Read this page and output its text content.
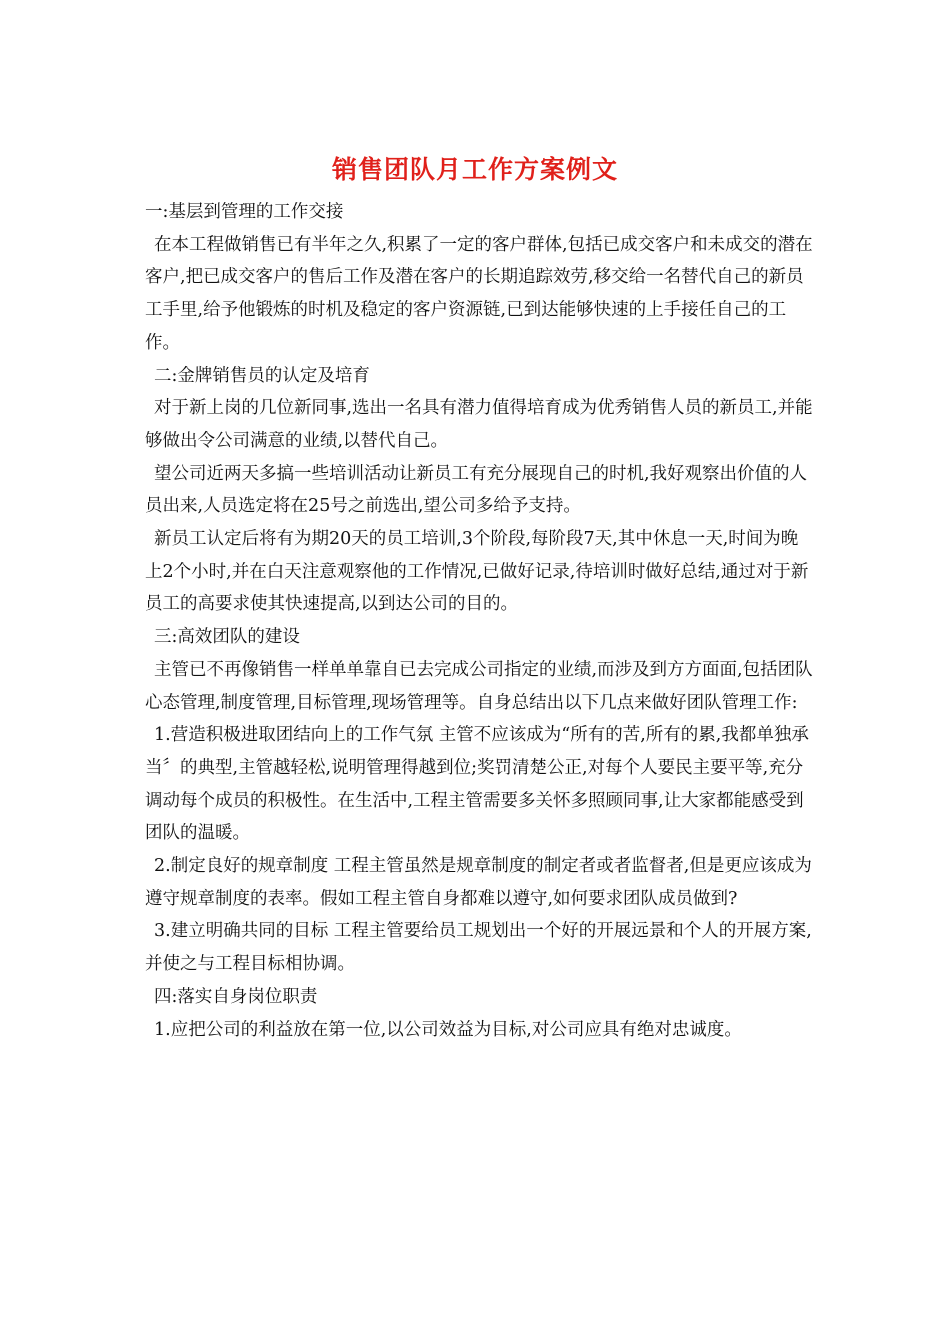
销售团队月工作方案例文

一:基层到管理的工作交接

在本工程做销售已有半年之久,积累了一定的客户群体,包括已成交客户和未成交的潜在客户,把已成交客户的售后工作及潜在客户的长期追踪效劳,移交给一名替代自己的新员工手里,给予他锻炼的时机及稳定的客户资源链,已到达能够快速的上手接任自己的工作。

二:金牌销售员的认定及培育

对于新上岗的几位新同事,选出一名具有潜力值得培育成为优秀销售人员的新员工,并能够做出令公司满意的业绩,以替代自己。

望公司近两天多搞一些培训活动让新员工有充分展现自己的时机,我好观察出价值的人员出来,人员选定将在25号之前选出,望公司多给予支持。

新员工认定后将有为期20天的员工培训,3个阶段,每阶段7天,其中休息一天,时间为晚上2个小时,并在白天注意观察他的工作情况,已做好记录,待培训时做好总结,通过对于新员工的高要求使其快速提高,以到达公司的目的。

三:高效团队的建设

主管已不再像销售一样单单靠自已去完成公司指定的业绩,而涉及到方方面面,包括团队心态管理,制度管理,目标管理,现场管理等。自身总结出以下几点来做好团队管理工作:

1.营造积极进取团结向上的工作气氛 主管不应该成为“所有的苦,所有的累,我都单独承当〞的典型,主管越轻松,说明管理得越到位;奖罚清楚公正,对每个人要民主要平等,充分调动每个成员的积极性。在生活中,工程主管需要多关怀多照顾同事,让大家都能感受到团队的温暖。

2.制定良好的规章制度 工程主管虽然是规章制度的制定者或者监督者,但是更应该成为遵守规章制度的表率。假如工程主管自身都难以遵守,如何要求团队成员做到?

3.建立明确共同的目标 工程主管要给员工规划出一个好的开展远景和个人的开展方案,并使之与工程目标相协调。

四:落实自身岗位职责

1.应把公司的利益放在第一位,以公司效益为目标,对公司应具有绝对忠诚度。
